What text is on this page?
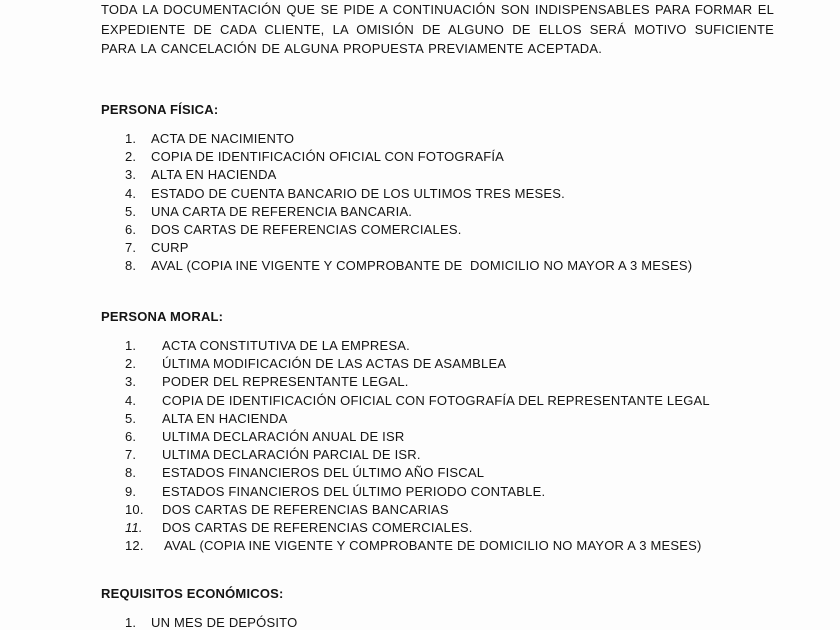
TODA LA DOCUMENTACIÓN QUE SE PIDE A CONTINUACIÓN SON INDISPENSABLES PARA FORMAR EL EXPEDIENTE DE CADA CLIENTE, LA OMISIÓN DE ALGUNO DE ELLOS SERÁ MOTIVO SUFICIENTE PARA LA CANCELACIÓN DE ALGUNA PROPUESTA PREVIAMENTE ACEPTADA.
PERSONA FÍSICA:
1. ACTA DE NACIMIENTO
2. COPIA DE IDENTIFICACIÓN OFICIAL CON FOTOGRAFÍA
3. ALTA EN HACIENDA
4. ESTADO DE CUENTA BANCARIO DE LOS ULTIMOS TRES MESES.
5. UNA CARTA DE REFERENCIA BANCARIA.
6. DOS CARTAS DE REFERENCIAS COMERCIALES.
7. CURP
8. AVAL (COPIA INE VIGENTE Y COMPROBANTE DE  DOMICILIO NO MAYOR A 3 MESES)
PERSONA MORAL:
1. ACTA CONSTITUTIVA DE LA EMPRESA.
2. ÚLTIMA MODIFICACIÓN DE LAS ACTAS DE ASAMBLEA
3. PODER DEL REPRESENTANTE LEGAL.
4. COPIA DE IDENTIFICACIÓN OFICIAL CON FOTOGRAFÍA DEL REPRESENTANTE LEGAL
5. ALTA EN HACIENDA
6. ULTIMA DECLARACIÓN ANUAL DE ISR
7. ULTIMA DECLARACIÓN PARCIAL DE ISR.
8. ESTADOS FINANCIEROS DEL ÚLTIMO AÑO FISCAL
9. ESTADOS FINANCIEROS DEL ÚLTIMO PERIODO CONTABLE.
10. DOS CARTAS DE REFERENCIAS BANCARIAS
11. DOS CARTAS DE REFERENCIAS COMERCIALES.
12. AVAL (COPIA INE VIGENTE Y COMPROBANTE DE DOMICILIO NO MAYOR A 3 MESES)
REQUISITOS ECONÓMICOS:
1. UN MES DE DEPÓSITO
